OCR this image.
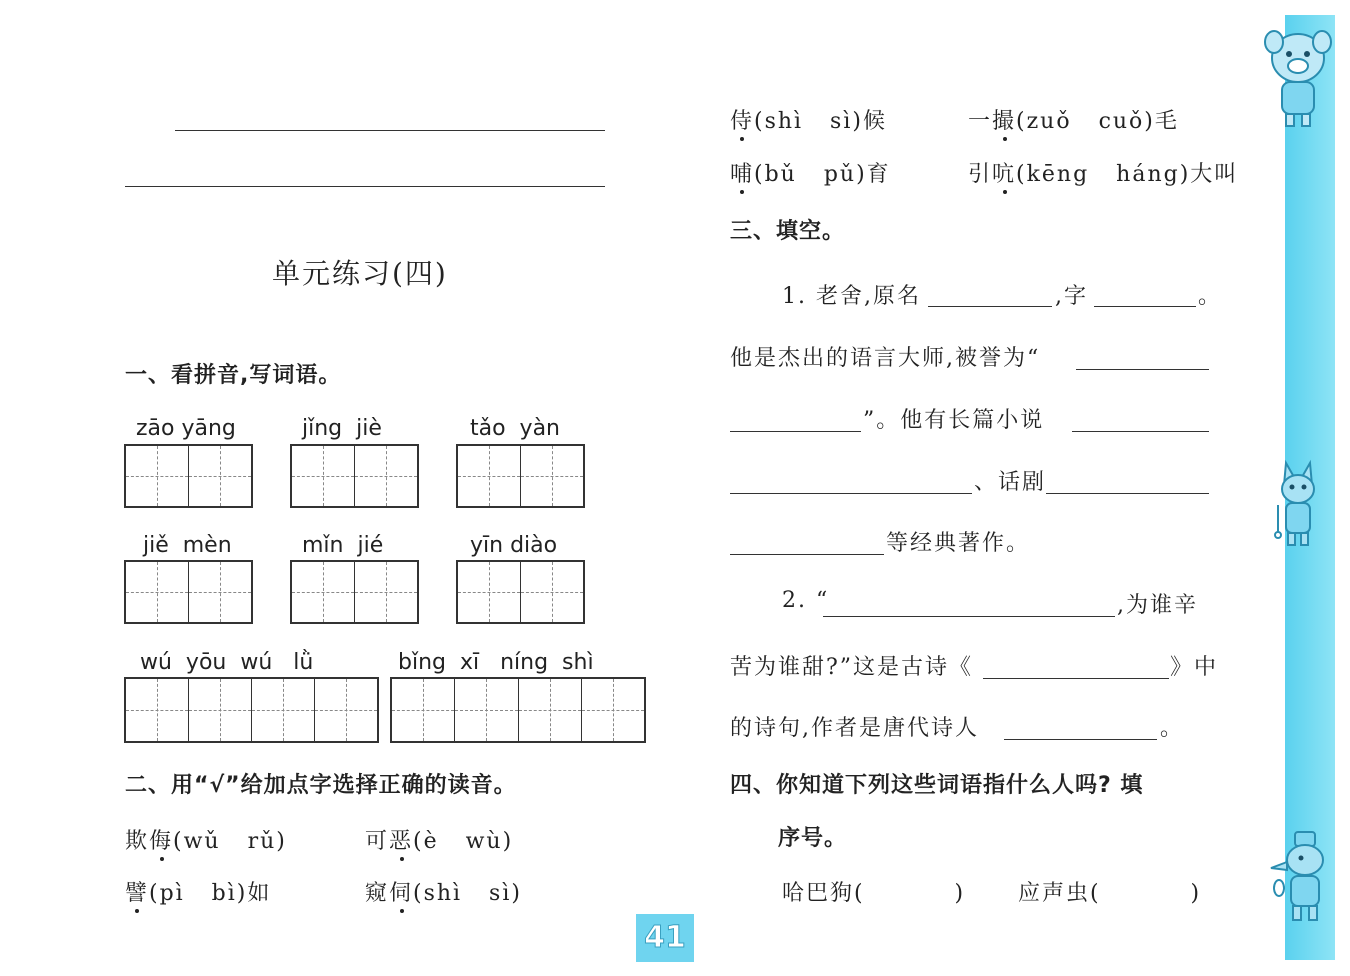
单元练习(四)
一、看拼音,写词语。
zāo yāng	jǐng  jiè	tǎo  yàn
jiě  mèn	mǐn  jié	yīn diào
wú  yōu  wú   lǜ	bǐng  xī   níng  shì
二、用“√”给加点字选择正确的读音。
欺侮(wǔ   rǔ)	可恶(è   wù)
譬(pì   bì)如	窥伺(shì   sì)
侍(shì   sì)候	一撮(zuǒ   cuǒ)毛
哺(bǔ   pǔ)育	引吭(kēng   háng)大叫
三、填空。
1. 老舍,原名	,字	。
他是杰出的语言大师,被誉为“
”。他有长篇小说
、话剧
等经典著作。
2. “	,为谁辛
苦为谁甜?”这是古诗《	》中
的诗句,作者是唐代诗人	。
四、你知道下列这些词语指什么人吗? 填
序号。
哈巴狗(          ) 应声虫(          )
41
